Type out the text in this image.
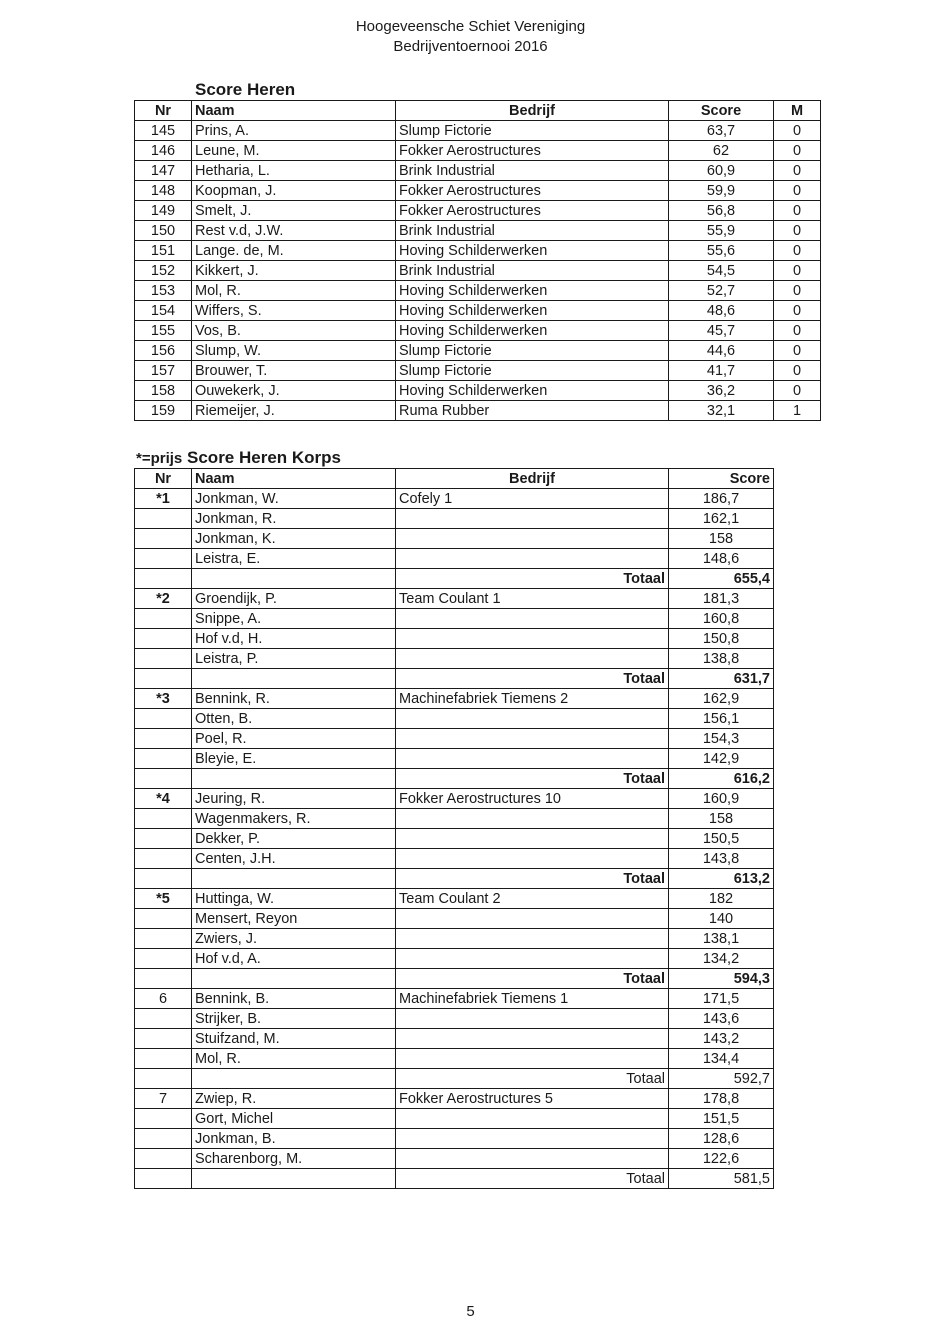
Hoogeveensche Schiet Vereniging
Bedrijventoernooi 2016
Score Heren
Nr	Naam	Bedrijf	Score	M
145	Prins, A.	Slump Fictorie	63,7	0
146	Leune, M.	Fokker Aerostructures	62	0
147	Hetharia, L.	Brink Industrial	60,9	0
148	Koopman, J.	Fokker Aerostructures	59,9	0
149	Smelt, J.	Fokker Aerostructures	56,8	0
150	Rest v.d, J.W.	Brink Industrial	55,9	0
151	Lange. de, M.	Hoving Schilderwerken	55,6	0
152	Kikkert, J.	Brink Industrial	54,5	0
153	Mol, R.	Hoving Schilderwerken	52,7	0
154	Wiffers, S.	Hoving Schilderwerken	48,6	0
155	Vos, B.	Hoving Schilderwerken	45,7	0
156	Slump, W.	Slump Fictorie	44,6	0
157	Brouwer, T.	Slump Fictorie	41,7	0
158	Ouwekerk, J.	Hoving Schilderwerken	36,2	0
159	Riemeijer, J.	Ruma Rubber	32,1	1
*=prijs Score Heren Korps
Nr	Naam	Bedrijf	Score
*1	Jonkman, W.	Cofely 1	186,7
	Jonkman, R.		162,1
	Jonkman, K.		158
	Leistra, E.		148,6
		Totaal	655,4
*2	Groendijk, P.	Team Coulant 1	181,3
	Snippe, A.		160,8
	Hof v.d, H.		150,8
	Leistra, P.		138,8
		Totaal	631,7
*3	Bennink, R.	Machinefabriek Tiemens 2	162,9
	Otten, B.		156,1
	Poel, R.		154,3
	Bleyie, E.		142,9
		Totaal	616,2
*4	Jeuring, R.	Fokker Aerostructures 10	160,9
	Wagenmakers, R.		158
	Dekker, P.		150,5
	Centen, J.H.		143,8
		Totaal	613,2
*5	Huttinga, W.	Team Coulant 2	182
	Mensert, Reyon		140
	Zwiers, J.		138,1
	Hof v.d, A.		134,2
		Totaal	594,3
6	Bennink, B.	Machinefabriek Tiemens 1	171,5
	Strijker, B.		143,6
	Stuifzand, M.		143,2
	Mol, R.		134,4
		Totaal	592,7
7	Zwiep, R.	Fokker Aerostructures 5	178,8
	Gort, Michel		151,5
	Jonkman, B.		128,6
	Scharenborg, M.		122,6
		Totaal	581,5
5
